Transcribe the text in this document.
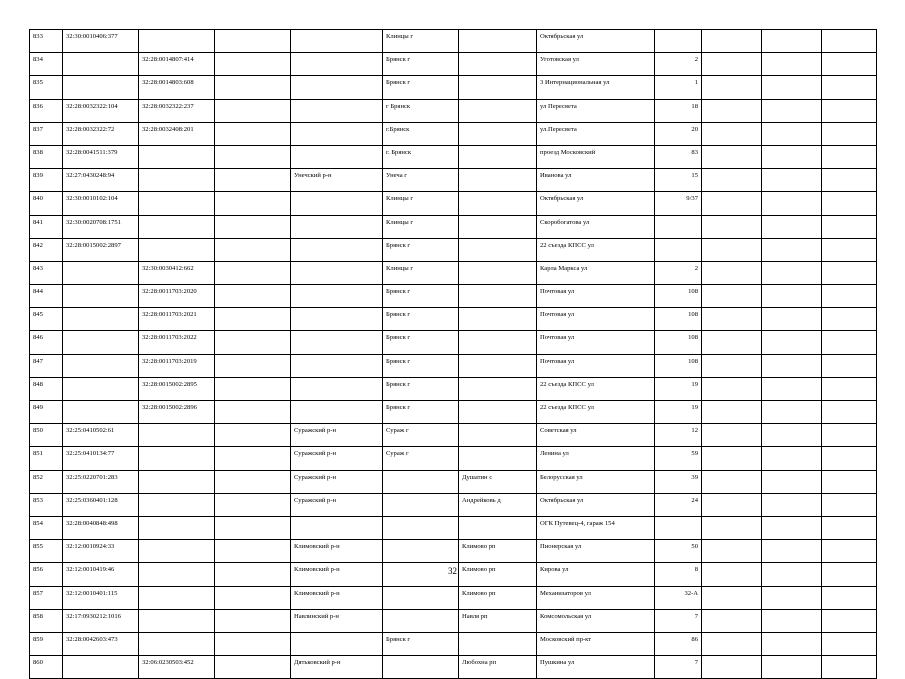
833	32:30:0010406:377				Клинцы г		Октябрьская ул				
834		32:28:0014807:414			Брянск г		Уготовская ул	2			
835		32:28:0014803:608			Брянск г		3 Интернациональная ул	1			
836	32:28:0032322:104	32:28:0032322:237			г Брянск		ул Пересвета	18			
837	32:28:0032322:72	32:28:0032408:201			г.Брянск		ул.Пересвета	20			
838	32:28:0041511:379				г. Брянск		проезд Московский	83			
839	32:27:0430248:94			Унечский р-н	Унеча г		Иванова ул	15			
840	32:30:0010102:104				Клинцы г		Октябрьская ул	9/37			
841	32:30:0020708:1751				Клинцы г		Скоробогатова ул				
842	32:28:0015002:2897				Брянск г		22 съезда КПСС ул				
843		32:30:0030412:662			Клинцы г		Карла Маркса ул	2			
844		32:28:0011703:2020			Брянск г		Почтовая ул	108			
845		32:28:0011703:2021			Брянск г		Почтовая ул	108			
846		32:28:0011703:2022			Брянск г		Почтовая ул	108			
847		32:28:0011703:2019			Брянск г		Почтовая ул	108			
848		32:28:0015002:2895			Брянск г		22 съезда КПСС ул	19			
849		32:28:0015002:2896			Брянск г		22 съезда КПСС ул	19			
850	32:25:0410502:61			Суражский р-н	Сураж г		Советская ул	12			
851	32:25:0410134:77			Суражский р-н	Сураж г		Ленина ул	59			
852	32:25:0220701:283			Суражский р-н		Душатин с	Белорусская ул	39			
853	32:25:0360401:128			Суражский р-н		Андрейковь д	Октябрьская ул	24			
854	32:28:0040848:498						ОГК Путевец-4, гараж 154				
855	32:12:0010924:33			Климовский р-н		Климово рп	Пионерская ул	50			
856	32:12:0010419:46			Климовский р-н		Климово рп	Кирова ул	8			
857	32:12:0010401:115			Климовский р-н		Климово рп	Механизаторов ул	32-А			
858	32:17:0930212:1016			Навлинский р-н		Навля рп	Комсомольская ул	7			
859	32:28:0042603:473				Брянск г		Московский пр-кт	86			
860		32:06:0230503:452		Дятьковский р-н		Любохна рп	Пушкина ул	7			
32
